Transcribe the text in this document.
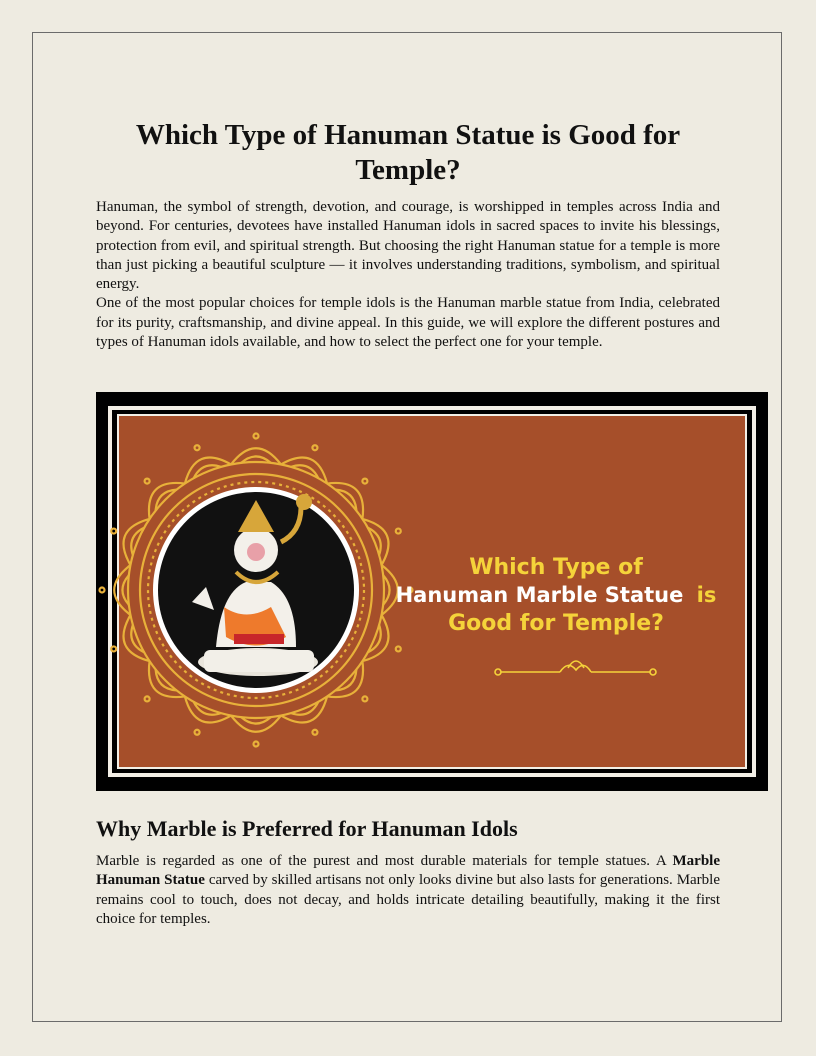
Which Type of Hanuman Statue is Good for Temple?

Hanuman, the symbol of strength, devotion, and courage, is worshipped in temples across India and beyond. For centuries, devotees have installed Hanuman idols in sacred spaces to invite his blessings, protection from evil, and spiritual strength. But choosing the right Hanuman statue for a temple is more than just picking a beautiful sculpture — it involves understanding traditions, symbolism, and spiritual energy.

One of the most popular choices for temple idols is the Hanuman marble statue from India, celebrated for its purity, craftsmanship, and divine appeal. In this guide, we will explore the different postures and types of Hanuman idols available, and how to select the perfect one for your temple.

Which Type of
Hanuman Marble Statue is
Good for Temple?
Why Marble is Preferred for Hanuman Idols

Marble is regarded as one of the purest and most durable materials for temple statues. A Marble Hanuman Statue carved by skilled artisans not only looks divine but also lasts for generations. Marble remains cool to touch, does not decay, and holds intricate detailing beautifully, making it the first choice for temples.
